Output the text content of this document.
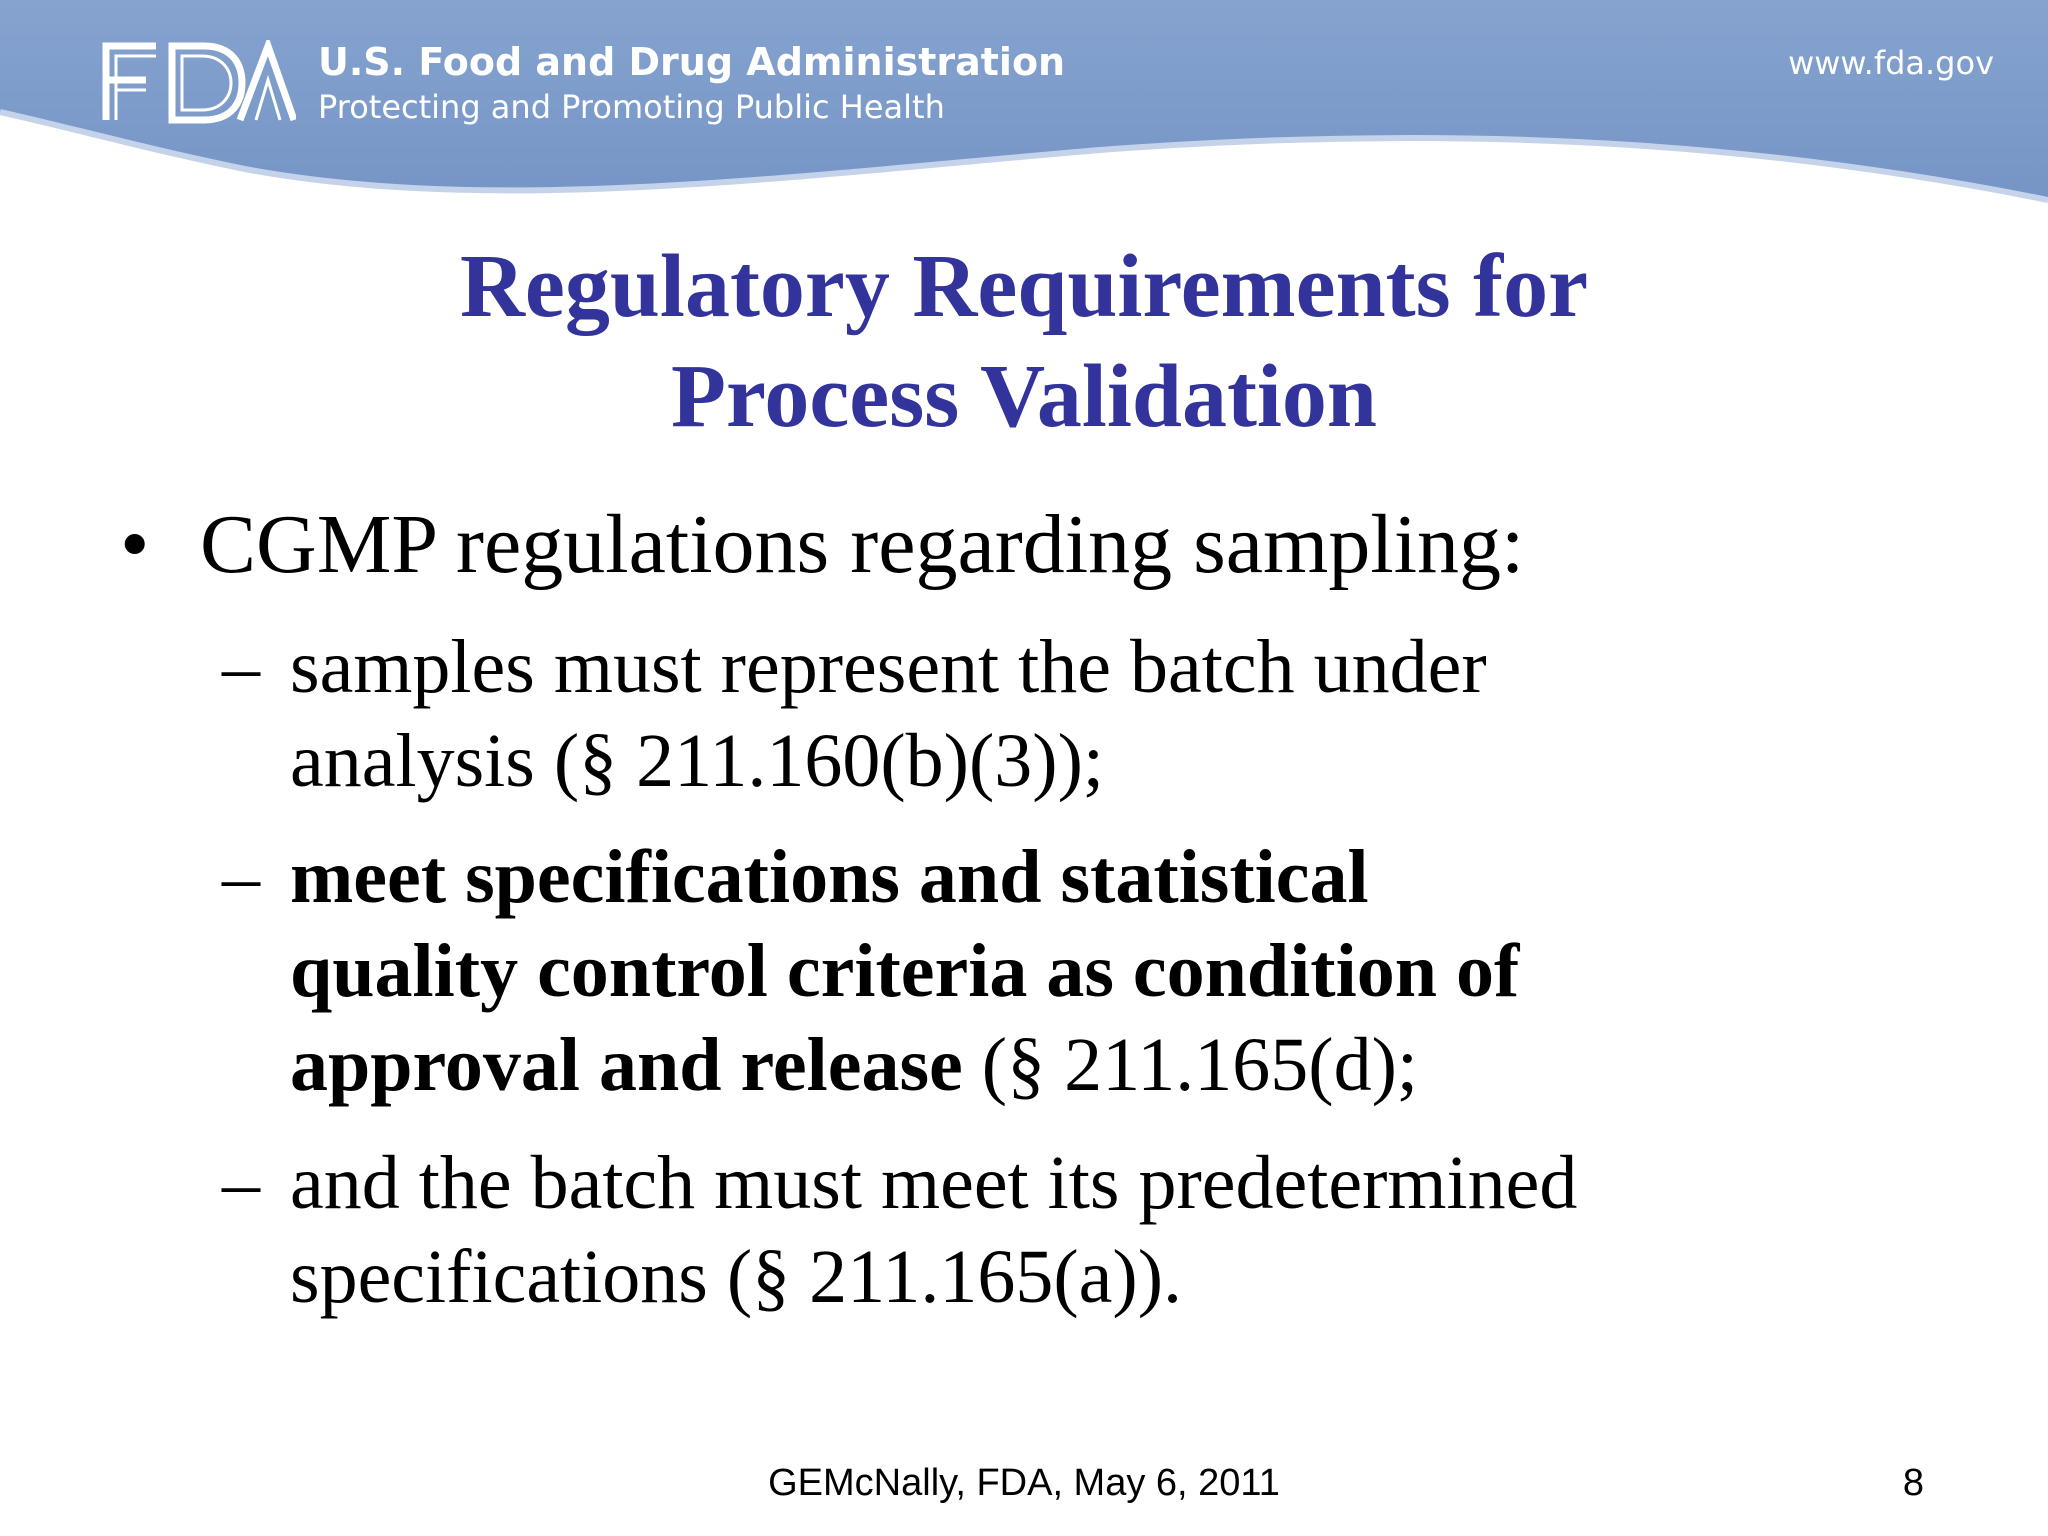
U.S. Food and Drug Administration
Protecting and Promoting Public Health
www.fda.gov
Regulatory Requirements for
Process Validation
• CGMP regulations regarding sampling:
– samples must represent the batch under
analysis (§ 211.160(b)(3));
– meet specifications and statistical
quality control criteria as condition of
approval and release (§ 211.165(d);
– and the batch must meet its predetermined
specifications (§ 211.165(a)).
GEMcNally, FDA, May 6, 2011	8
